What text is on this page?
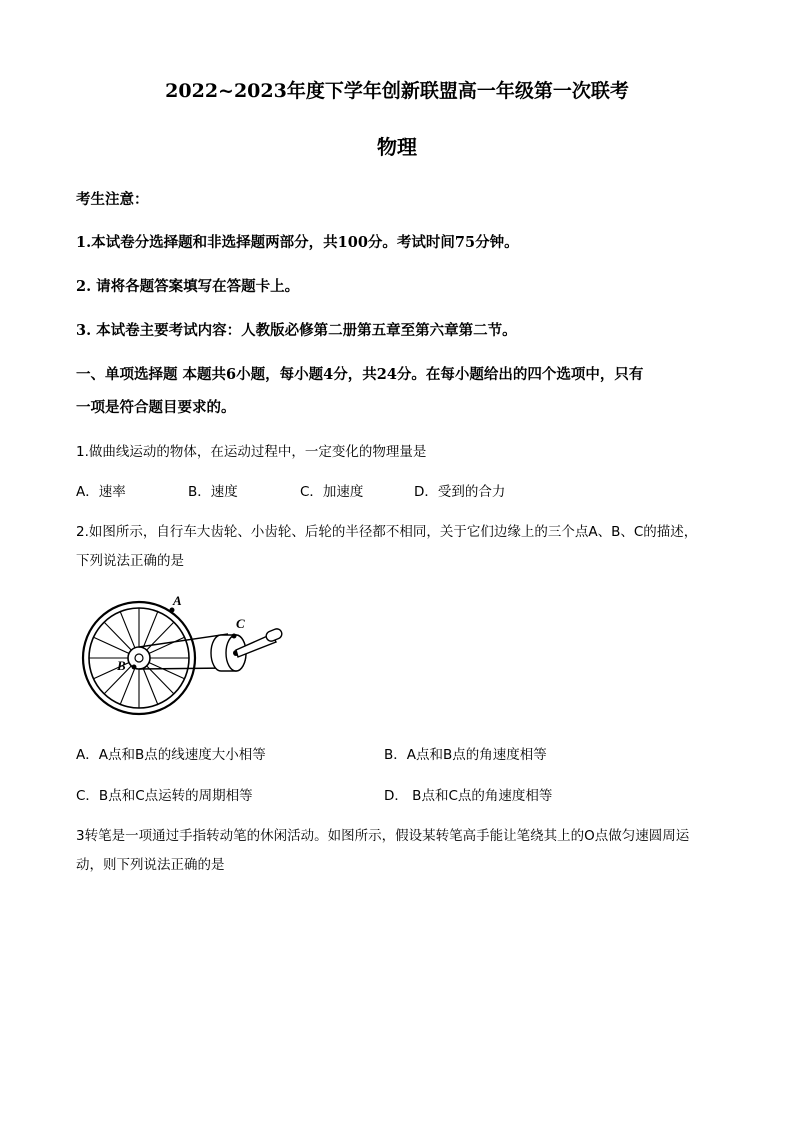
2022~2023年度下学年创新联盟高一年级第一次联考
物理
考生注意：
1.本试卷分选择题和非选择题两部分，共100分。考试时间75分钟。
2. 请将各题答案填写在答题卡上。
3. 本试卷主要考试内容：人教版必修第二册第五章至第六章第二节。
一、单项选择题 本题共6小题，每小题4分，共24分。在每小题给出的四个选项中，只有
一项是符合题目要求的。
1.做曲线运动的物体，在运动过程中，一定变化的物理量是
A．速率	B．速度	C．加速度	D．受到的合力
2.如图所示，自行车大齿轮、小齿轮、后轮的半径都不相同，关于它们边缘上的三个点A、B、C的描述，
下列说法正确的是
A
B
C
A．A点和B点的线速度大小相等	B．A点和B点的角速度相等
C．B点和C点运转的周期相等	D． B点和C点的角速度相等
3转笔是一项通过手指转动笔的休闲活动。如图所示，假设某转笔高手能让笔绕其上的O点做匀速圆周运
动，则下列说法正确的是
